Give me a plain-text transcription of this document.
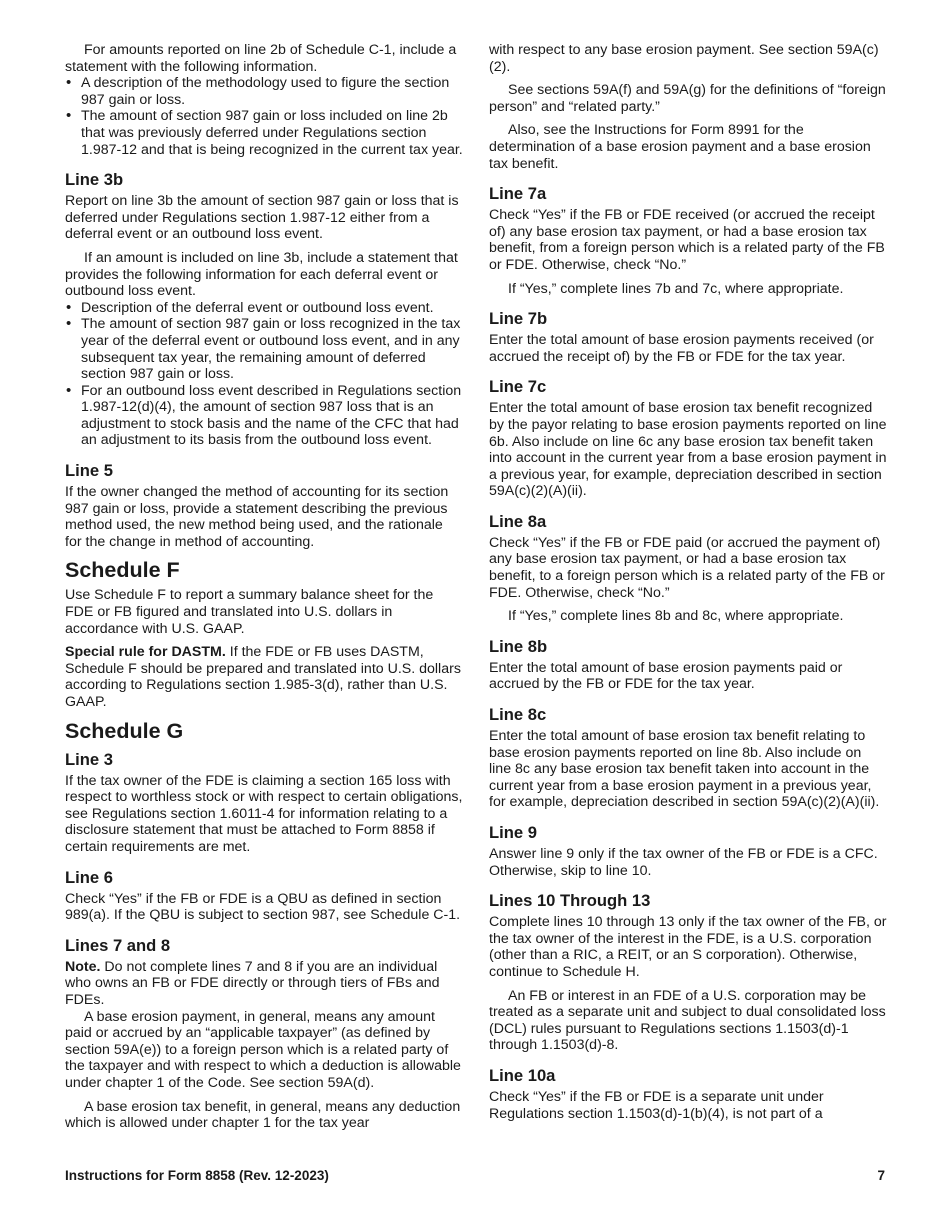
For amounts reported on line 2b of Schedule C-1, include a statement with the following information.

• A description of the methodology used to figure the section 987 gain or loss.

• The amount of section 987 gain or loss included on line 2b that was previously deferred under Regulations section 1.987-12 and that is being recognized in the current tax year.

Line 3b

Report on line 3b the amount of section 987 gain or loss that is deferred under Regulations section 1.987-12 either from a deferral event or an outbound loss event.

If an amount is included on line 3b, include a statement that provides the following information for each deferral event or outbound loss event.

• Description of the deferral event or outbound loss event.

• The amount of section 987 gain or loss recognized in the tax year of the deferral event or outbound loss event, and in any subsequent tax year, the remaining amount of deferred section 987 gain or loss.

• For an outbound loss event described in Regulations section 1.987-12(d)(4), the amount of section 987 loss that is an adjustment to stock basis and the name of the CFC that had an adjustment to its basis from the outbound loss event.

Line 5

If the owner changed the method of accounting for its section 987 gain or loss, provide a statement describing the previous method used, the new method being used, and the rationale for the change in method of accounting.

Schedule F

Use Schedule F to report a summary balance sheet for the FDE or FB figured and translated into U.S. dollars in accordance with U.S. GAAP.

Special rule for DASTM. If the FDE or FB uses DASTM, Schedule F should be prepared and translated into U.S. dollars according to Regulations section 1.985-3(d), rather than U.S. GAAP.

Schedule G
Line 3

If the tax owner of the FDE is claiming a section 165 loss with respect to worthless stock or with respect to certain obligations, see Regulations section 1.6011-4 for information relating to a disclosure statement that must be attached to Form 8858 if certain requirements are met.

Line 6

Check “Yes” if the FB or FDE is a QBU as defined in section 989(a). If the QBU is subject to section 987, see Schedule C-1.

Lines 7 and 8

Note. Do not complete lines 7 and 8 if you are an individual who owns an FB or FDE directly or through tiers of FBs and FDEs.

A base erosion payment, in general, means any amount paid or accrued by an “applicable taxpayer” (as defined by section 59A(e)) to a foreign person which is a related party of the taxpayer and with respect to which a deduction is allowable under chapter 1 of the Code. See section 59A(d).

A base erosion tax benefit, in general, means any deduction which is allowed under chapter 1 for the tax year

with respect to any base erosion payment. See section 59A(c)(2).

See sections 59A(f) and 59A(g) for the definitions of “foreign person” and “related party.”

Also, see the Instructions for Form 8991 for the determination of a base erosion payment and a base erosion tax benefit.

Line 7a

Check “Yes” if the FB or FDE received (or accrued the receipt of) any base erosion tax payment, or had a base erosion tax benefit, from a foreign person which is a related party of the FB or FDE. Otherwise, check “No.”

If “Yes,” complete lines 7b and 7c, where appropriate.

Line 7b

Enter the total amount of base erosion payments received (or accrued the receipt of) by the FB or FDE for the tax year.

Line 7c

Enter the total amount of base erosion tax benefit recognized by the payor relating to base erosion payments reported on line 6b. Also include on line 6c any base erosion tax benefit taken into account in the current year from a base erosion payment in a previous year, for example, depreciation described in section 59A(c)(2)(A)(ii).

Line 8a

Check “Yes” if the FB or FDE paid (or accrued the payment of) any base erosion tax payment, or had a base erosion tax benefit, to a foreign person which is a related party of the FB or FDE. Otherwise, check “No.”

If “Yes,” complete lines 8b and 8c, where appropriate.

Line 8b

Enter the total amount of base erosion payments paid or accrued by the FB or FDE for the tax year.

Line 8c

Enter the total amount of base erosion tax benefit relating to base erosion payments reported on line 8b. Also include on line 8c any base erosion tax benefit taken into account in the current year from a base erosion payment in a previous year, for example, depreciation described in section 59A(c)(2)(A)(ii).

Line 9

Answer line 9 only if the tax owner of the FB or FDE is a CFC. Otherwise, skip to line 10.

Lines 10 Through 13

Complete lines 10 through 13 only if the tax owner of the FB, or the tax owner of the interest in the FDE, is a U.S. corporation (other than a RIC, a REIT, or an S corporation). Otherwise, continue to Schedule H.

An FB or interest in an FDE of a U.S. corporation may be treated as a separate unit and subject to dual consolidated loss (DCL) rules pursuant to Regulations sections 1.1503(d)-1 through 1.1503(d)-8.

Line 10a

Check “Yes” if the FB or FDE is a separate unit under Regulations section 1.1503(d)-1(b)(4), is not part of a

Instructions for Form 8858 (Rev. 12-2023)	7
